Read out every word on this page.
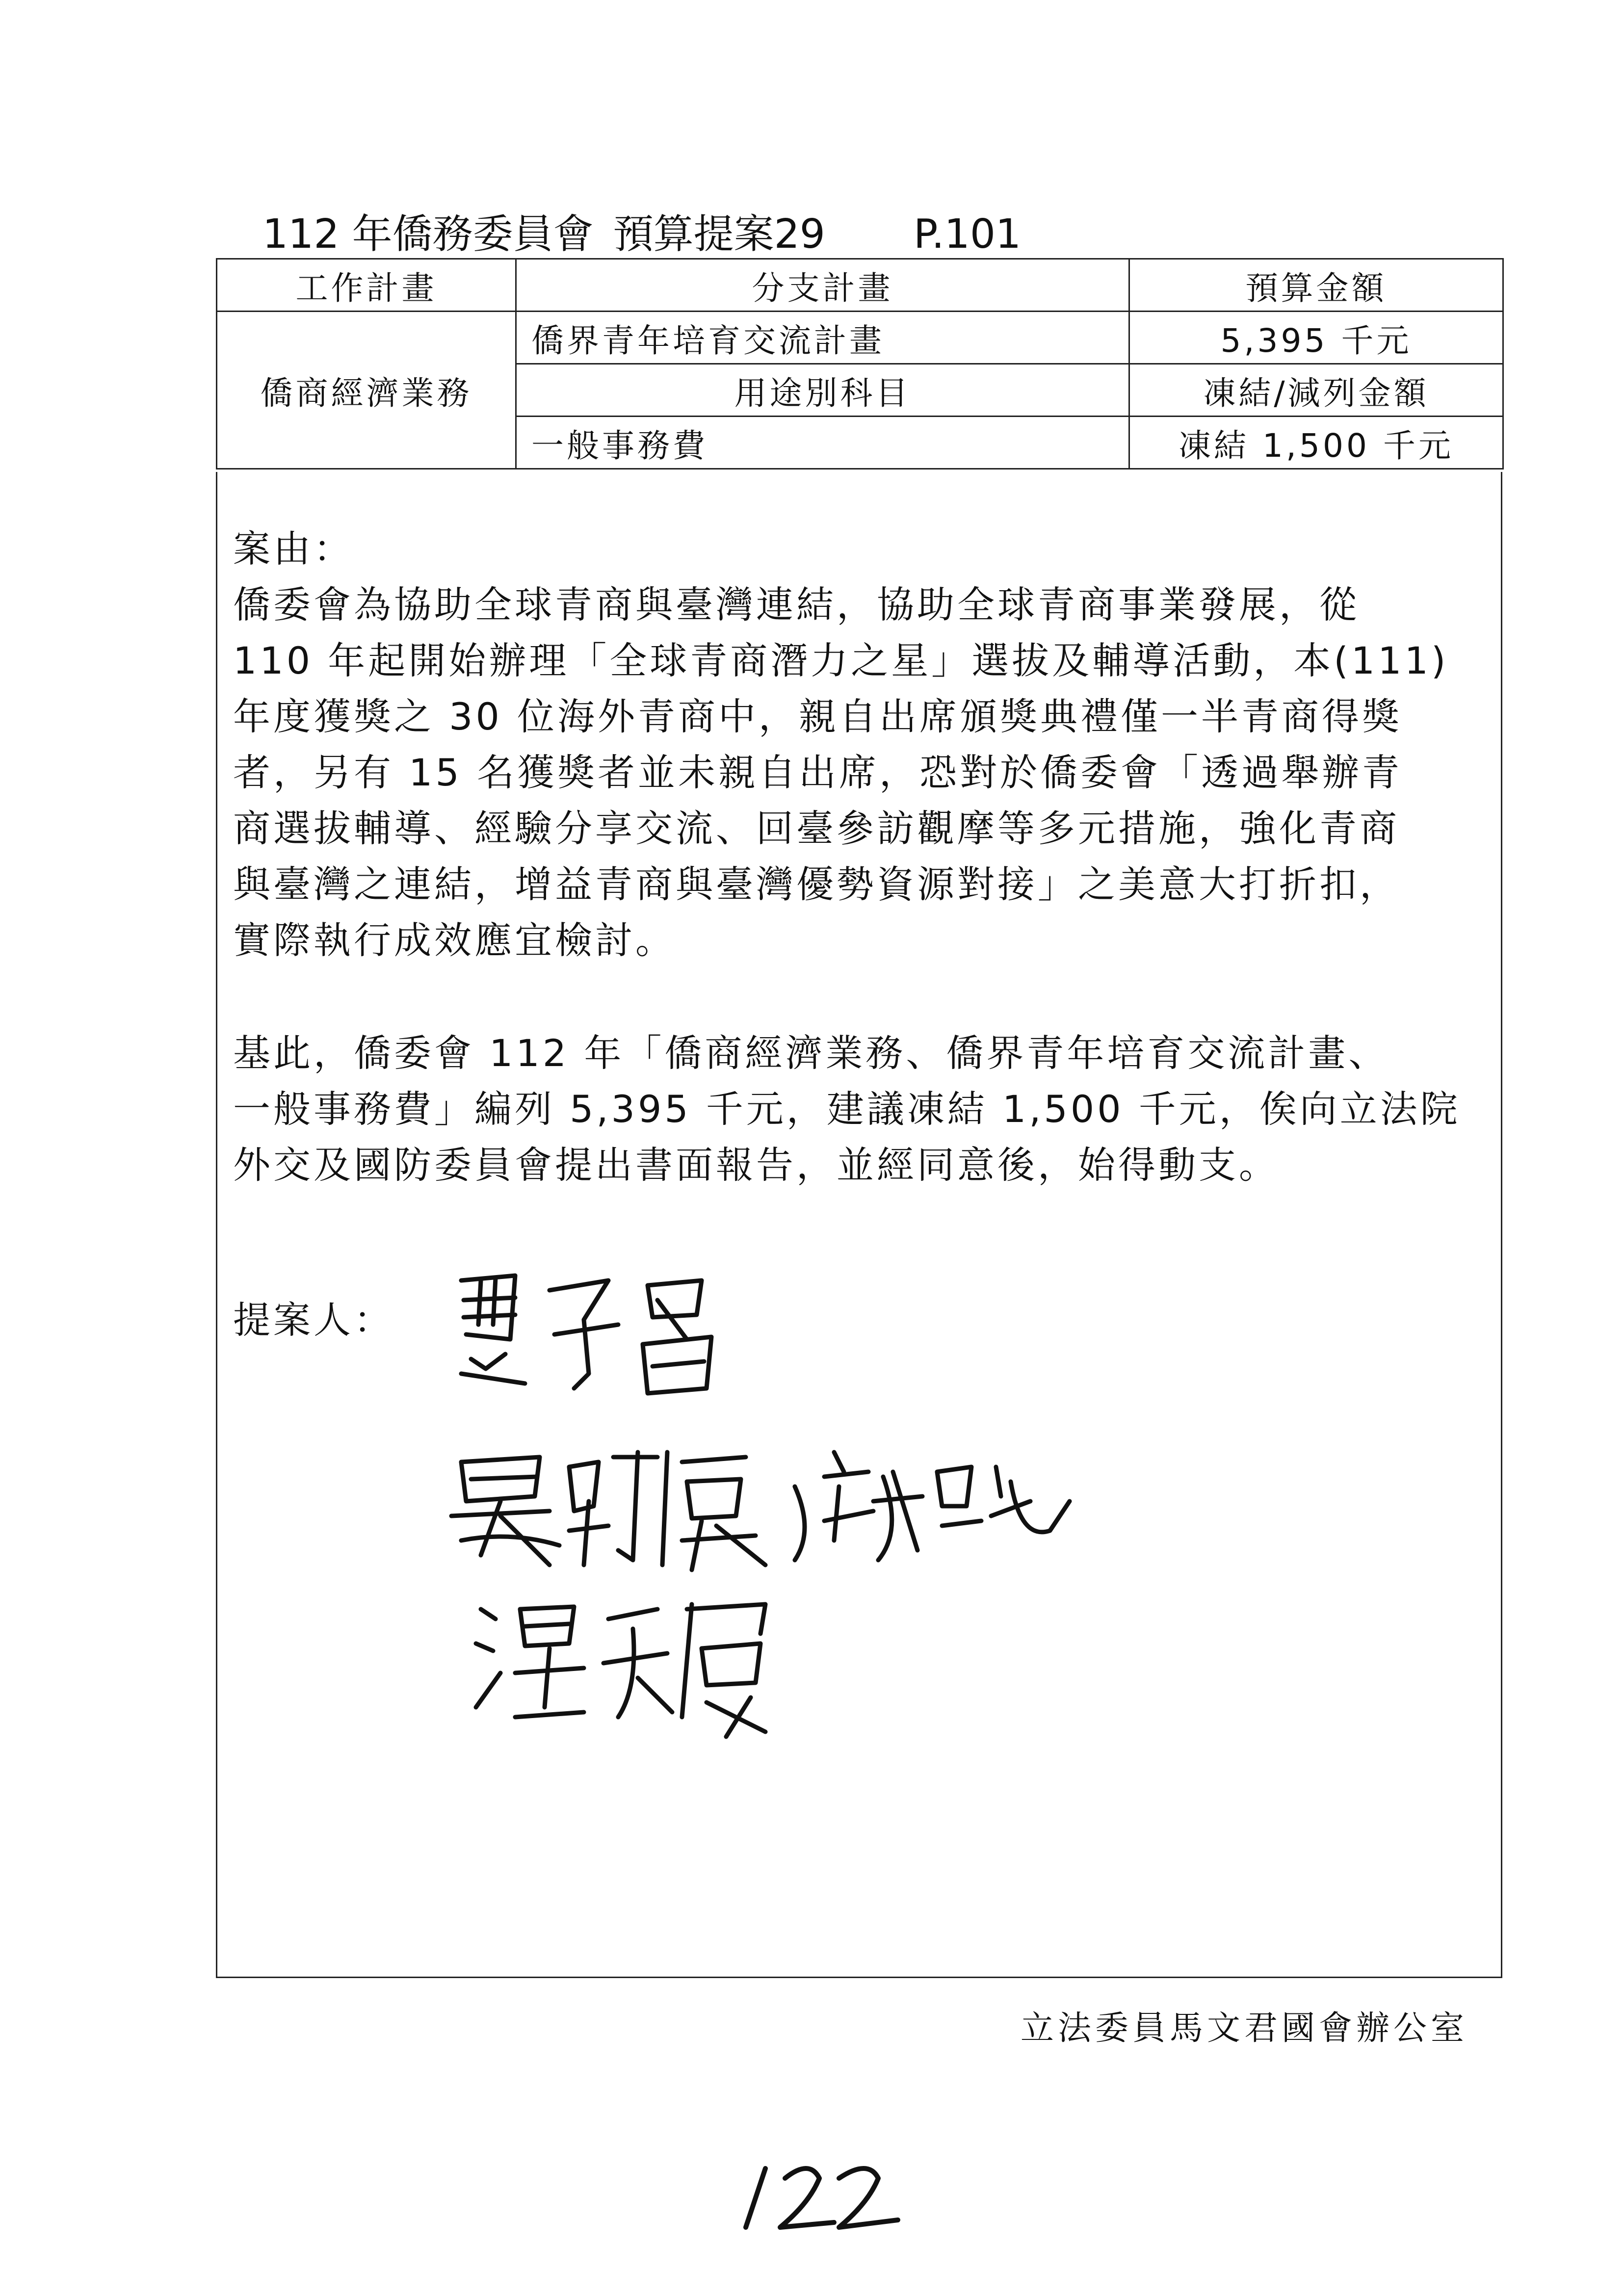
112 年僑務委員會 預算提案29 P.101
工作計畫	分支計畫	預算金額
僑商經濟業務	僑界青年培育交流計畫	5,395 千元
	用途別科目	凍結/減列金額
	一般事務費	凍結 1,500 千元
案由：
僑委會為協助全球青商與臺灣連結，協助全球青商事業發展，從
110 年起開始辦理「全球青商潛力之星」選拔及輔導活動，本(111)
年度獲獎之 30 位海外青商中，親自出席頒獎典禮僅一半青商得獎
者，另有 15 名獲獎者並未親自出席，恐對於僑委會「透過舉辦青
商選拔輔導、經驗分享交流、回臺參訪觀摩等多元措施，強化青商
與臺灣之連結，增益青商與臺灣優勢資源對接」之美意大打折扣，
實際執行成效應宜檢討。
基此，僑委會 112 年「僑商經濟業務、僑界青年培育交流計畫、
一般事務費」編列 5,395 千元，建議凍結 1,500 千元，俟向立法院
外交及國防委員會提出書面報告，並經同意後，始得動支。
提案人：
立法委員馬文君國會辦公室
